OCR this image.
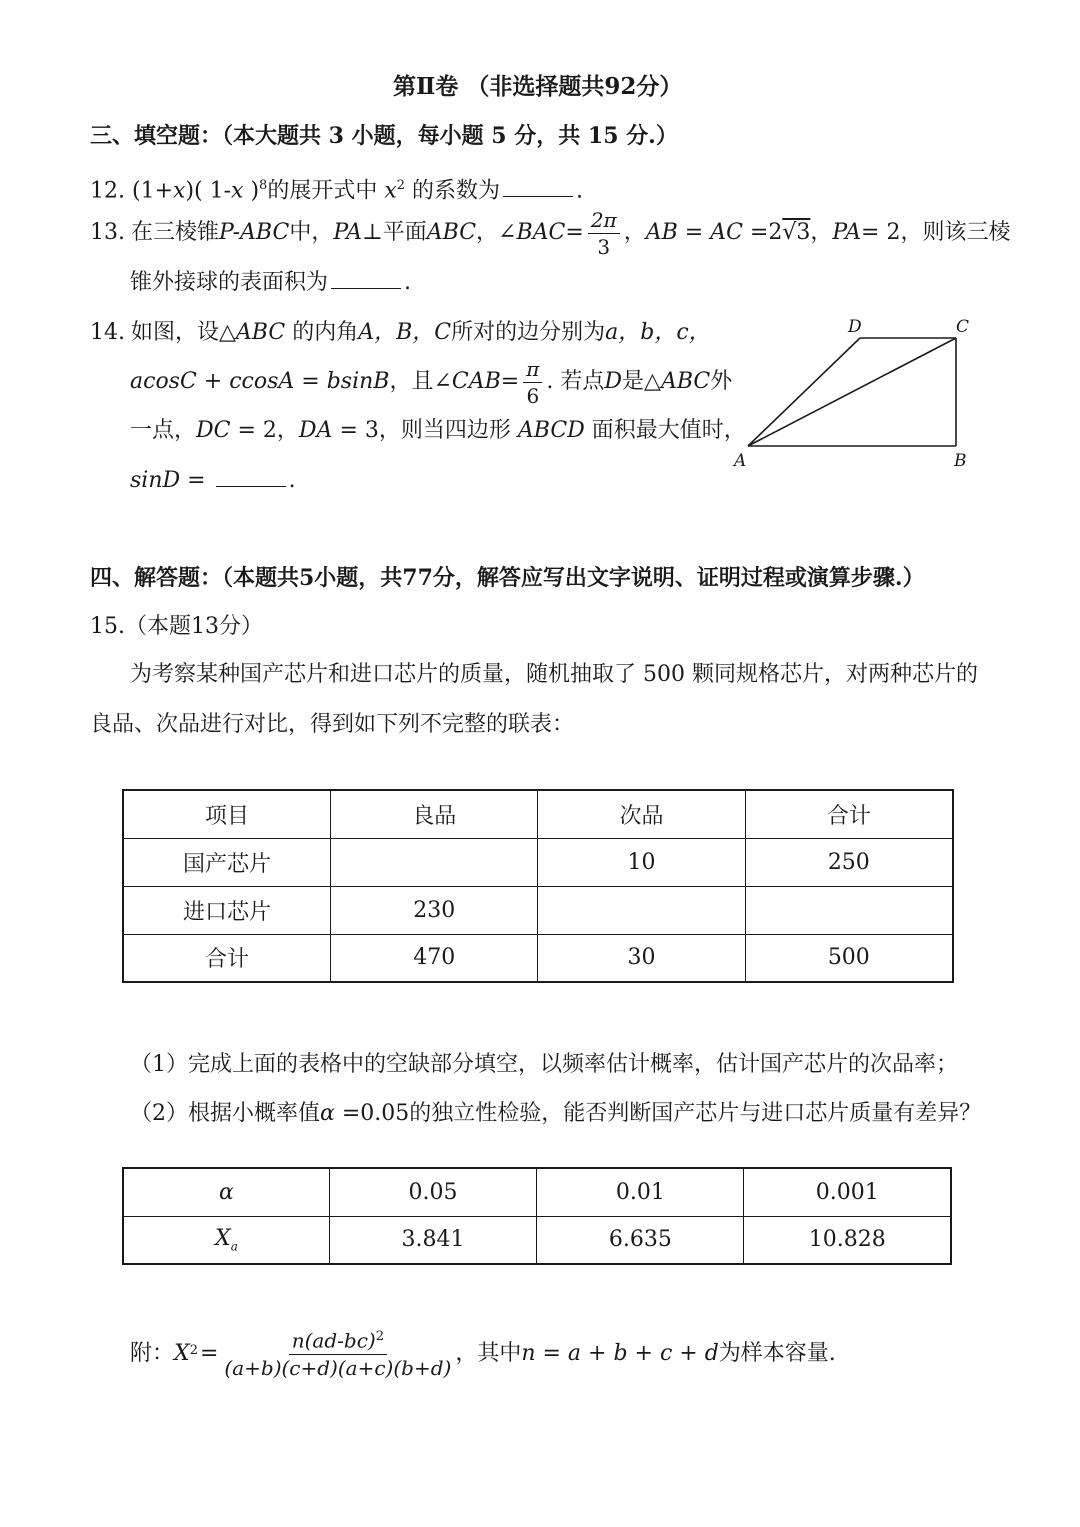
第Ⅱ卷 （非选择题共92分）
三、填空题：（本大题共 3 小题，每小题 5 分，共 15 分.）
12. (1+x)( 1-x )$^8$的展开式中 $x^2$ 的系数为	.
13. 在三棱锥 P-ABC 中， PA ⊥平面 ABC ，∠ BAC = $\frac{2\pi}{3}$ ， AB = AC = 2 √3 ， PA = 2，则该三棱
锥外接球的表面积为	.
14. 如图，设△ABC 的内角A，B，C所对的边分别为a，b，c，
acosC + ccosA = bsinB ，且∠ CAB = $\frac{\pi}{6}$ . 若点 D 是△ ABC 外
一点，DC = 2，DA = 3，则当四边形 ABCD 面积最大值时，
sinD =	.
D	C
A	B
四、解答题：（本题共5小题，共77分，解答应写出文字说明、证明过程或演算步骤.）
15.（本题13分）
为考察某种国产芯片和进口芯片的质量，随机抽取了 500 颗同规格芯片，对两种芯片的
良品、次品进行对比，得到如下列不完整的联表：
项目	良品	次品	合计
国产芯片		10	250
进口芯片	230		
合计	470	30	500
（1）完成上面的表格中的空缺部分填空，以频率估计概率，估计国产芯片的次品率；
（2）根据小概率值α =0.05的独立性检验，能否判断国产芯片与进口芯片质量有差异？
α	0.05	0.01	0.001
$X_a$	3.841	6.635	10.828
附： X $2 = \frac{n(ad-bc)^2}{(a+b)(c+d)(a+c)(b+d)}$ ，其中 n = a + b + c + d 为样本容量.
